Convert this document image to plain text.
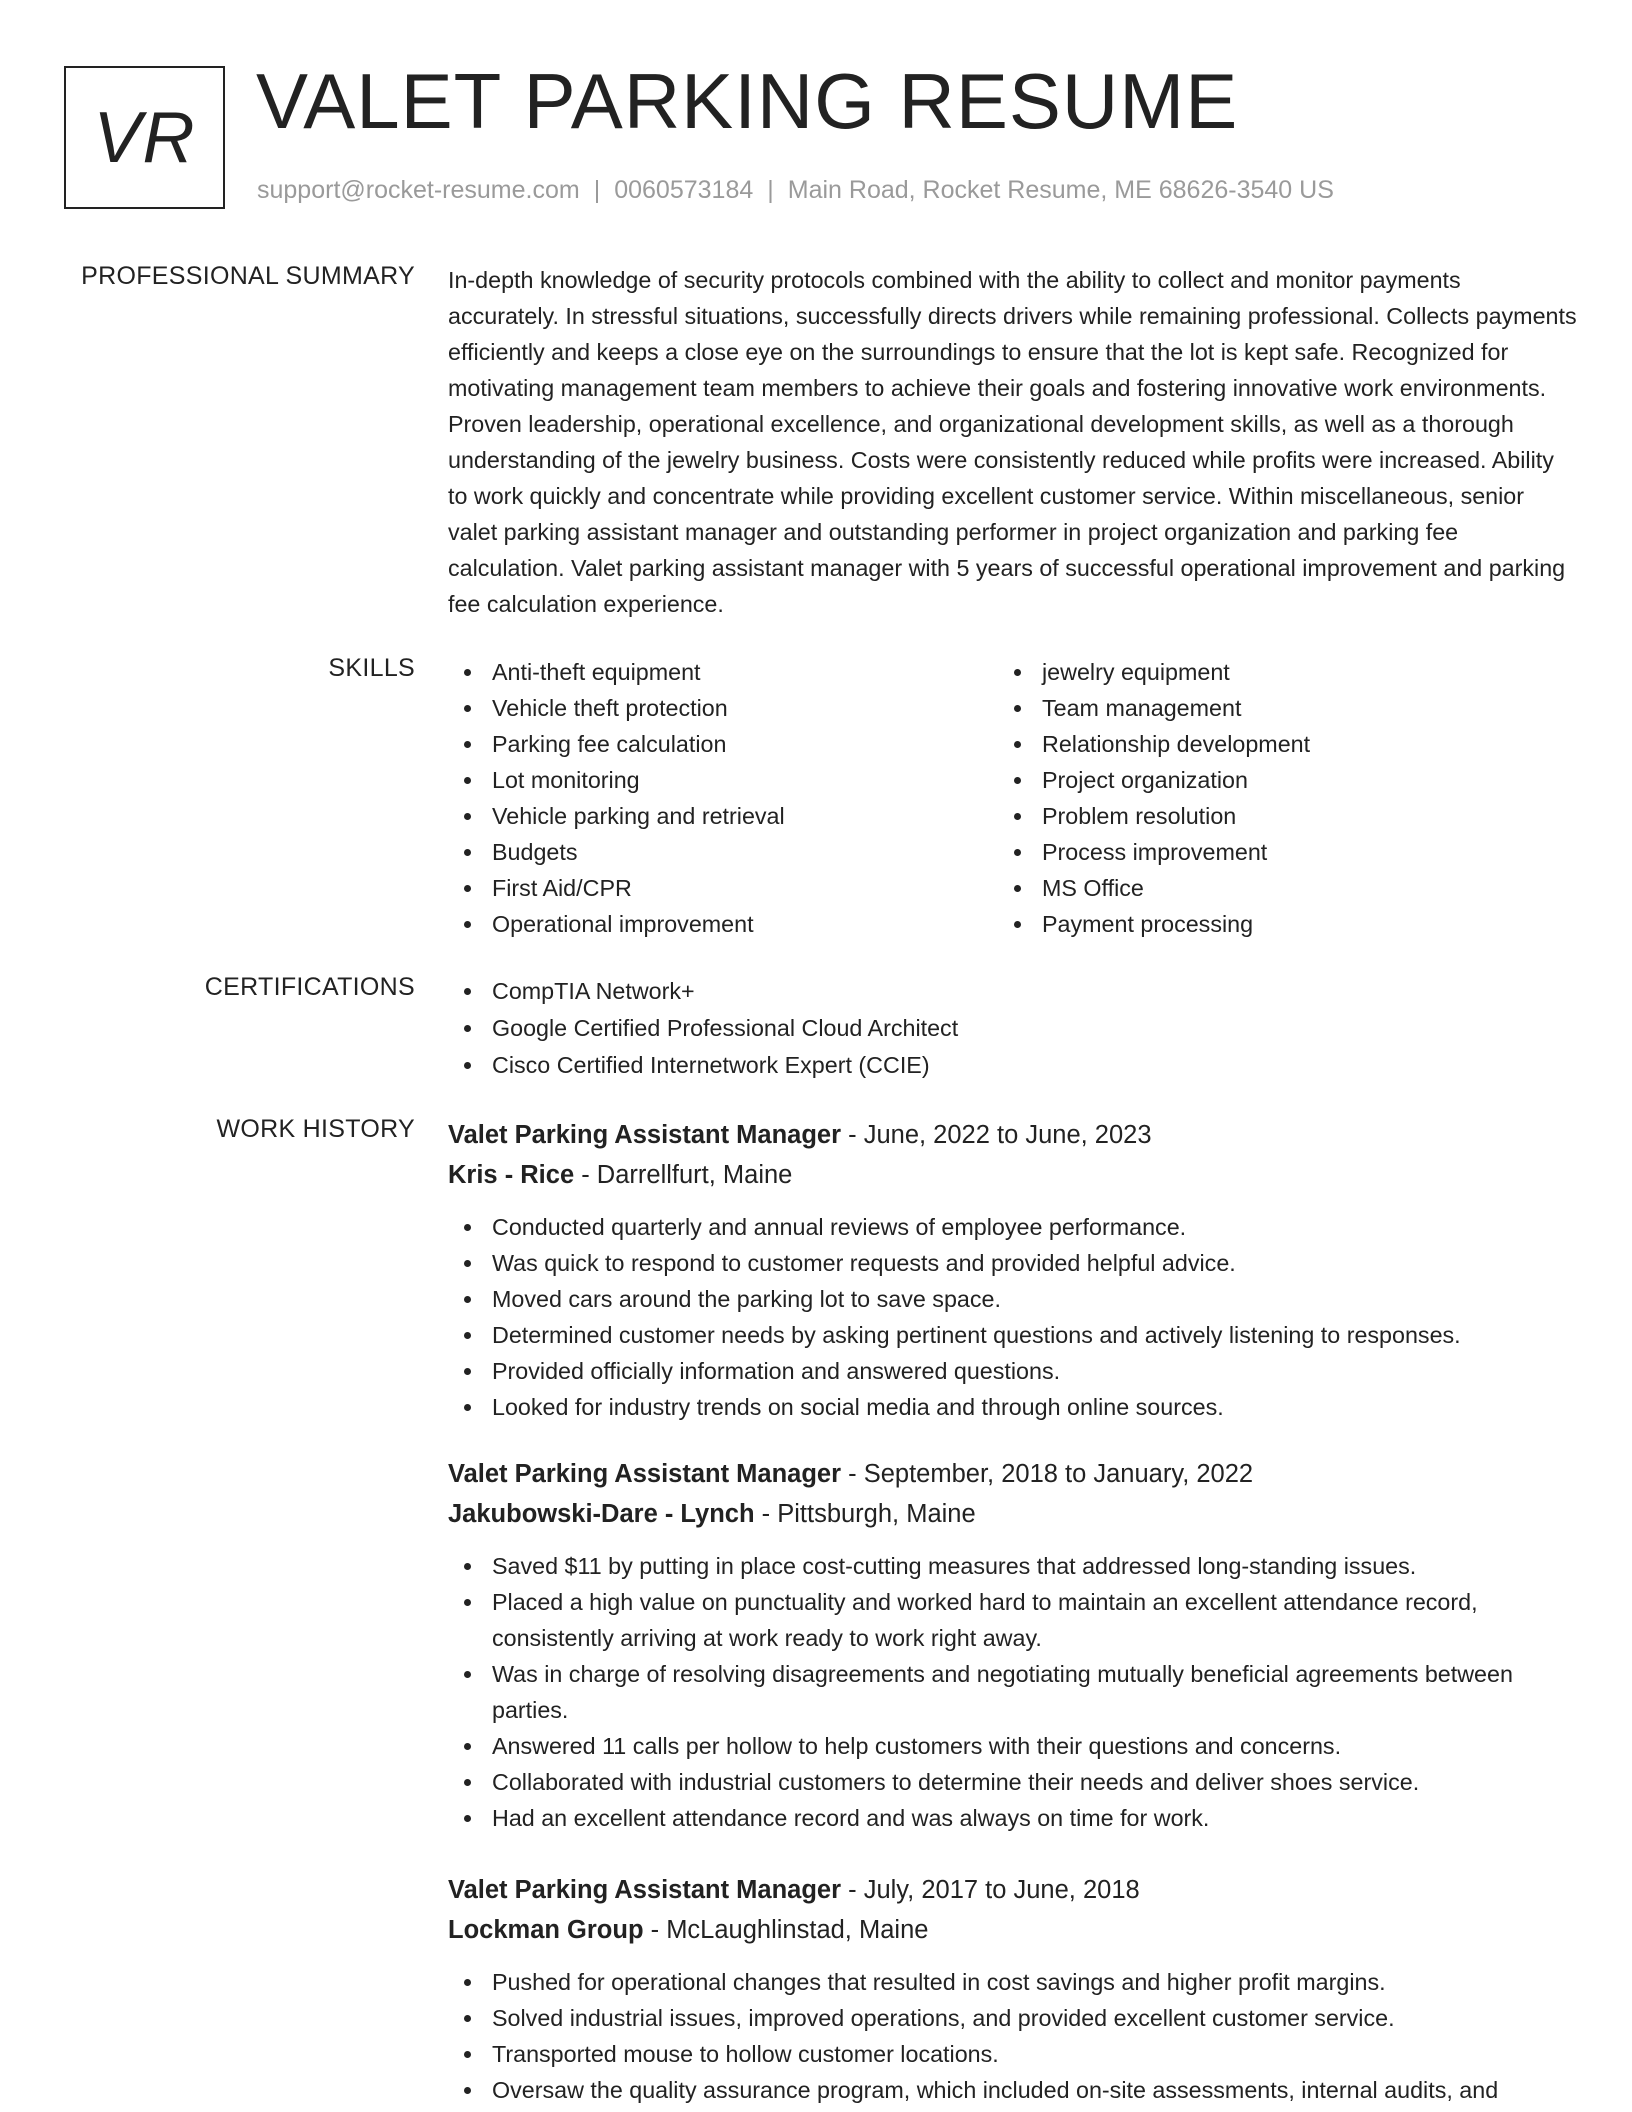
VR VALET PARKING RESUME
support@rocket-resume.com | 0060573184 | Main Road, Rocket Resume, ME 68626-3540 US
PROFESSIONAL SUMMARY In-depth knowledge of security protocols combined with the ability to collect and monitor payments accurately. In stressful situations, successfully directs drivers while remaining professional. Collects payments efficiently and keeps a close eye on the surroundings to ensure that the lot is kept safe. Recognized for motivating management team members to achieve their goals and fostering innovative work environments. Proven leadership, operational excellence, and organizational development skills, as well as a thorough understanding of the jewelry business. Costs were consistently reduced while profits were increased. Ability to work quickly and concentrate while providing excellent customer service. Within miscellaneous, senior valet parking assistant manager and outstanding performer in project organization and parking fee calculation. Valet parking assistant manager with 5 years of successful operational improvement and parking fee calculation experience.

SKILLS	Anti-theft equipment
Vehicle theft protection
Parking fee calculation
Lot monitoring
Vehicle parking and retrieval
Budgets
First Aid/CPR
Operational improvement
jewelry equipment
Team management
Relationship development
Project organization
Problem resolution
Process improvement
MS Office
Payment processing
CERTIFICATIONS	CompTIA Network+
Google Certified Professional Cloud Architect
Cisco Certified Internetwork Expert (CCIE)
WORK HISTORY Valet Parking Assistant Manager - June, 2022 to June, 2023
Kris - Rice - Darrellfurt, Maine
Conducted quarterly and annual reviews of employee performance.
Was quick to respond to customer requests and provided helpful advice.
Moved cars around the parking lot to save space.
Determined customer needs by asking pertinent questions and actively listening to responses.
Provided officially information and answered questions.
Looked for industry trends on social media and through online sources.
Valet Parking Assistant Manager - September, 2018 to January, 2022
Jakubowski-Dare - Lynch - Pittsburgh, Maine
Saved $11 by putting in place cost-cutting measures that addressed long-standing issues.
Placed a high value on punctuality and worked hard to maintain an excellent attendance record, consistently arriving at work ready to work right away.
Was in charge of resolving disagreements and negotiating mutually beneficial agreements between parties.
Answered 11 calls per hollow to help customers with their questions and concerns.
Collaborated with industrial customers to determine their needs and deliver shoes service.
Had an excellent attendance record and was always on time for work.
Valet Parking Assistant Manager - July, 2017 to June, 2018
Lockman Group - McLaughlinstad, Maine
Pushed for operational changes that resulted in cost savings and higher profit margins.
Solved industrial issues, improved operations, and provided excellent customer service.
Transported mouse to hollow customer locations.
Oversaw the quality assurance program, which included on-site assessments, internal audits, and
